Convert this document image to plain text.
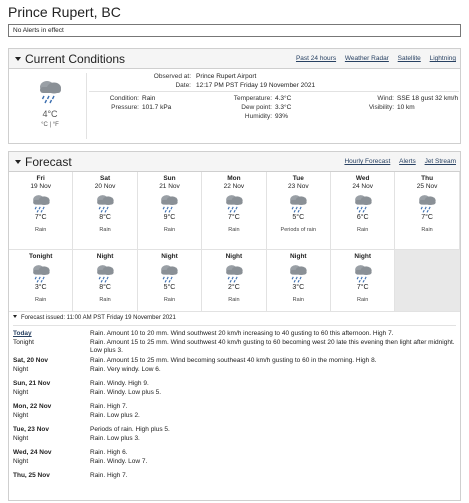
Prince Rupert, BC
No Alerts in effect
Current Conditions	Past 24 hours Weather Radar Satellite Lightning
4°C
°C | °F
Observed at: Prince Rupert Airport
Date: 12:17 PM PST Friday 19 November 2021
Condition: Rain
Pressure: 101.7 kPa
Temperature: 4.3°C
Dew point: 3.3°C
Humidity: 93%
Wind: SSE 18 gust 32 km/h
Visibility: 10 km
Forecast	Hourly Forecast Alerts Jet Stream
Fri
19 Nov
7°C
Rain
Sat
20 Nov
8°C
Rain
Sun
21 Nov
9°C
Rain
Mon
22 Nov
7°C
Rain
Tue
23 Nov
5°C
Periods of rain
Wed
24 Nov
6°C
Rain
Thu
25 Nov
7°C
Rain
Tonight
3°C
Rain
Night
8°C
Rain
Night
5°C
Rain
Night
2°C
Rain
Night
3°C
Rain
Night
7°C
Rain
Forecast issued: 11:00 AM PST Friday 19 November 2021
Today	Rain. Amount 10 to 20 mm. Wind southwest 20 km/h increasing to 40 gusting to 60 this afternoon. High 7.
Tonight	Rain. Amount 15 to 25 mm. Wind southwest 40 km/h gusting to 60 becoming west 20 late this evening then light after midnight. Low plus 3.
Sat, 20 Nov	Rain. Amount 15 to 25 mm. Wind becoming southeast 40 km/h gusting to 60 in the morning. High 8.
Night	Rain. Very windy. Low 6.
Sun, 21 Nov	Rain. Windy. High 9.
Night	Rain. Windy. Low plus 5.
Mon, 22 Nov	Rain. High 7.
Night	Rain. Low plus 2.
Tue, 23 Nov	Periods of rain. High plus 5.
Night	Rain. Low plus 3.
Wed, 24 Nov	Rain. High 6.
Night	Rain. Windy. Low 7.
Thu, 25 Nov	Rain. High 7.
